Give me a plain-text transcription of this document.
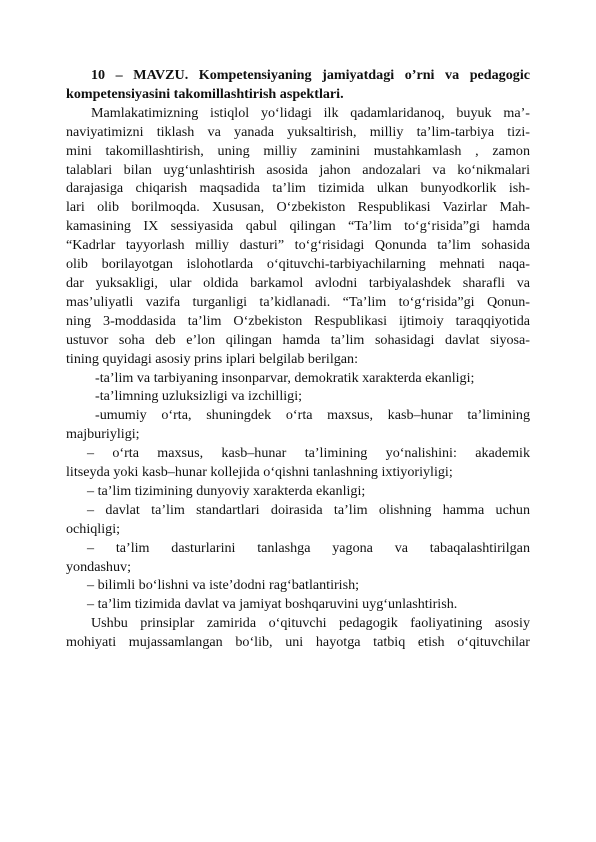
10 – MAVZU. Kompetensiyaning jamiyatdagi o’rni va pedagogic
kompetensiyasini takomillashtirish aspektlari.
Mamlakatimizning istiqlol yo‘lidagi ilk qadamlaridanoq, buyuk ma’-
naviyatimizni tiklash va yanada yuksaltirish, milliy ta’lim-tarbiya tizi-
mini takomillashtirish, uning milliy zaminini mustahkamlash , zamon
talablari bilan uyg‘unlashtirish asosida jahon andozalari va ko‘nikmalari
darajasiga chiqarish maqsadida ta’lim tizimida ulkan bunyodkorlik ish-
lari olib borilmoqda. Xususan, O‘zbekiston Respublikasi Vazirlar Mah-
kamasining IX sessiyasida qabul qilingan “Ta’lim to‘g‘risida”gi hamda
“Kadrlar tayyorlash milliy dasturi” to‘g‘risidagi Qonunda ta’lim sohasida
olib borilayotgan islohotlarda o‘qituvchi-tarbiyachilarning mehnati naqa-
dar yuksakligi, ular oldida barkamol avlodni tarbiyalashdek sharafli va
mas’uliyatli vazifa turganligi ta’kidlanadi. “Ta’lim to‘g‘risida”gi Qonun-
ning 3-moddasida ta’lim O‘zbekiston Respublikasi ijtimoiy taraqqiyotida
ustuvor soha deb e’lon qilingan hamda ta’lim sohasidagi davlat siyosa-
tining quyidagi asosiy prins iplari belgilab berilgan:
-ta’lim va tarbiyaning insonparvar, demokratik xarakterda ekanligi;
-ta’limning uzluksizligi va izchilligi;
-umumiy o‘rta, shuningdek o‘rta maxsus, kasb–hunar ta’limining
majburiyligi;
– o‘rta maxsus, kasb–hunar ta’limining yo‘nalishini: akademik
litseyda yoki kasb–hunar kollejida o‘qishni tanlashning ixtiyoriyligi;
– ta’lim tizimining dunyoviy xarakterda ekanligi;
– davlat ta’lim standartlari doirasida ta’lim olishning hamma uchun
ochiqligi;
– ta’lim dasturlarini tanlashga yagona va tabaqalashtirilgan
yondashuv;
– bilimli bo‘lishni va iste’dodni rag‘batlantirish;
– ta’lim tizimida davlat va jamiyat boshqaruvini uyg‘unlashtirish.
Ushbu prinsiplar zamirida o‘qituvchi pedagogik faoliyatining asosiy
mohiyati mujassamlangan bo‘lib, uni hayotga tatbiq etish o‘qituvchilar
